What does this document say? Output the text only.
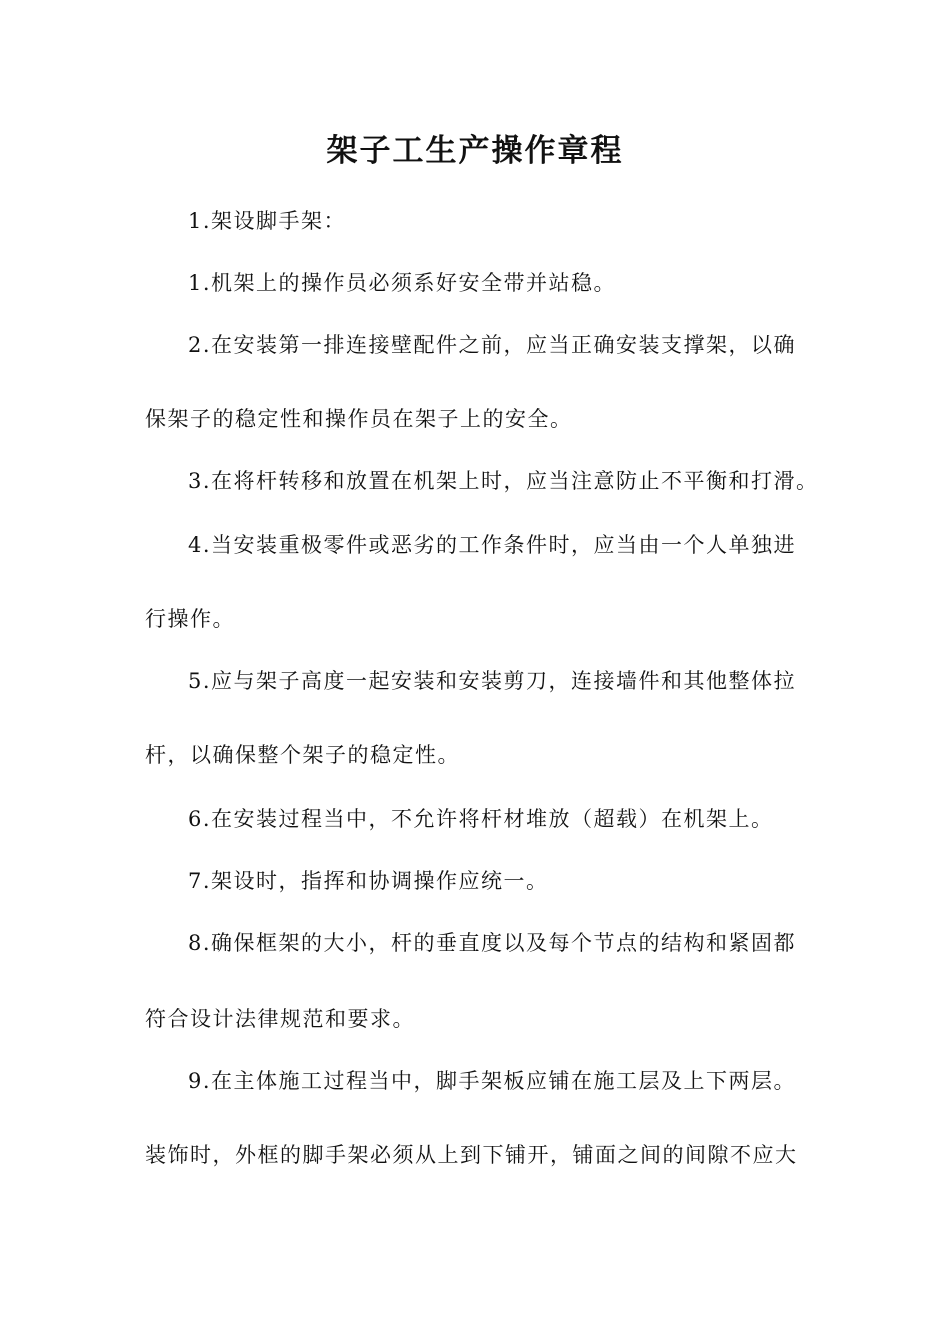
架子工生产操作章程
1.架设脚手架：
1.机架上的操作员必须系好安全带并站稳。
2.在安装第一排连接壁配件之前，应当正确安装支撑架，以确
保架子的稳定性和操作员在架子上的安全。
3.在将杆转移和放置在机架上时，应当注意防止不平衡和打滑。
4.当安装重极零件或恶劣的工作条件时，应当由一个人单独进
行操作。
5.应与架子高度一起安装和安装剪刀，连接墙件和其他整体拉
杆，以确保整个架子的稳定性。
6.在安装过程当中，不允许将杆材堆放（超载）在机架上。
7.架设时，指挥和协调操作应统一。
8.确保框架的大小，杆的垂直度以及每个节点的结构和紧固都
符合设计法律规范和要求。
9.在主体施工过程当中，脚手架板应铺在施工层及上下两层。
装饰时，外框的脚手架必须从上到下铺开，铺面之间的间隙不应大
